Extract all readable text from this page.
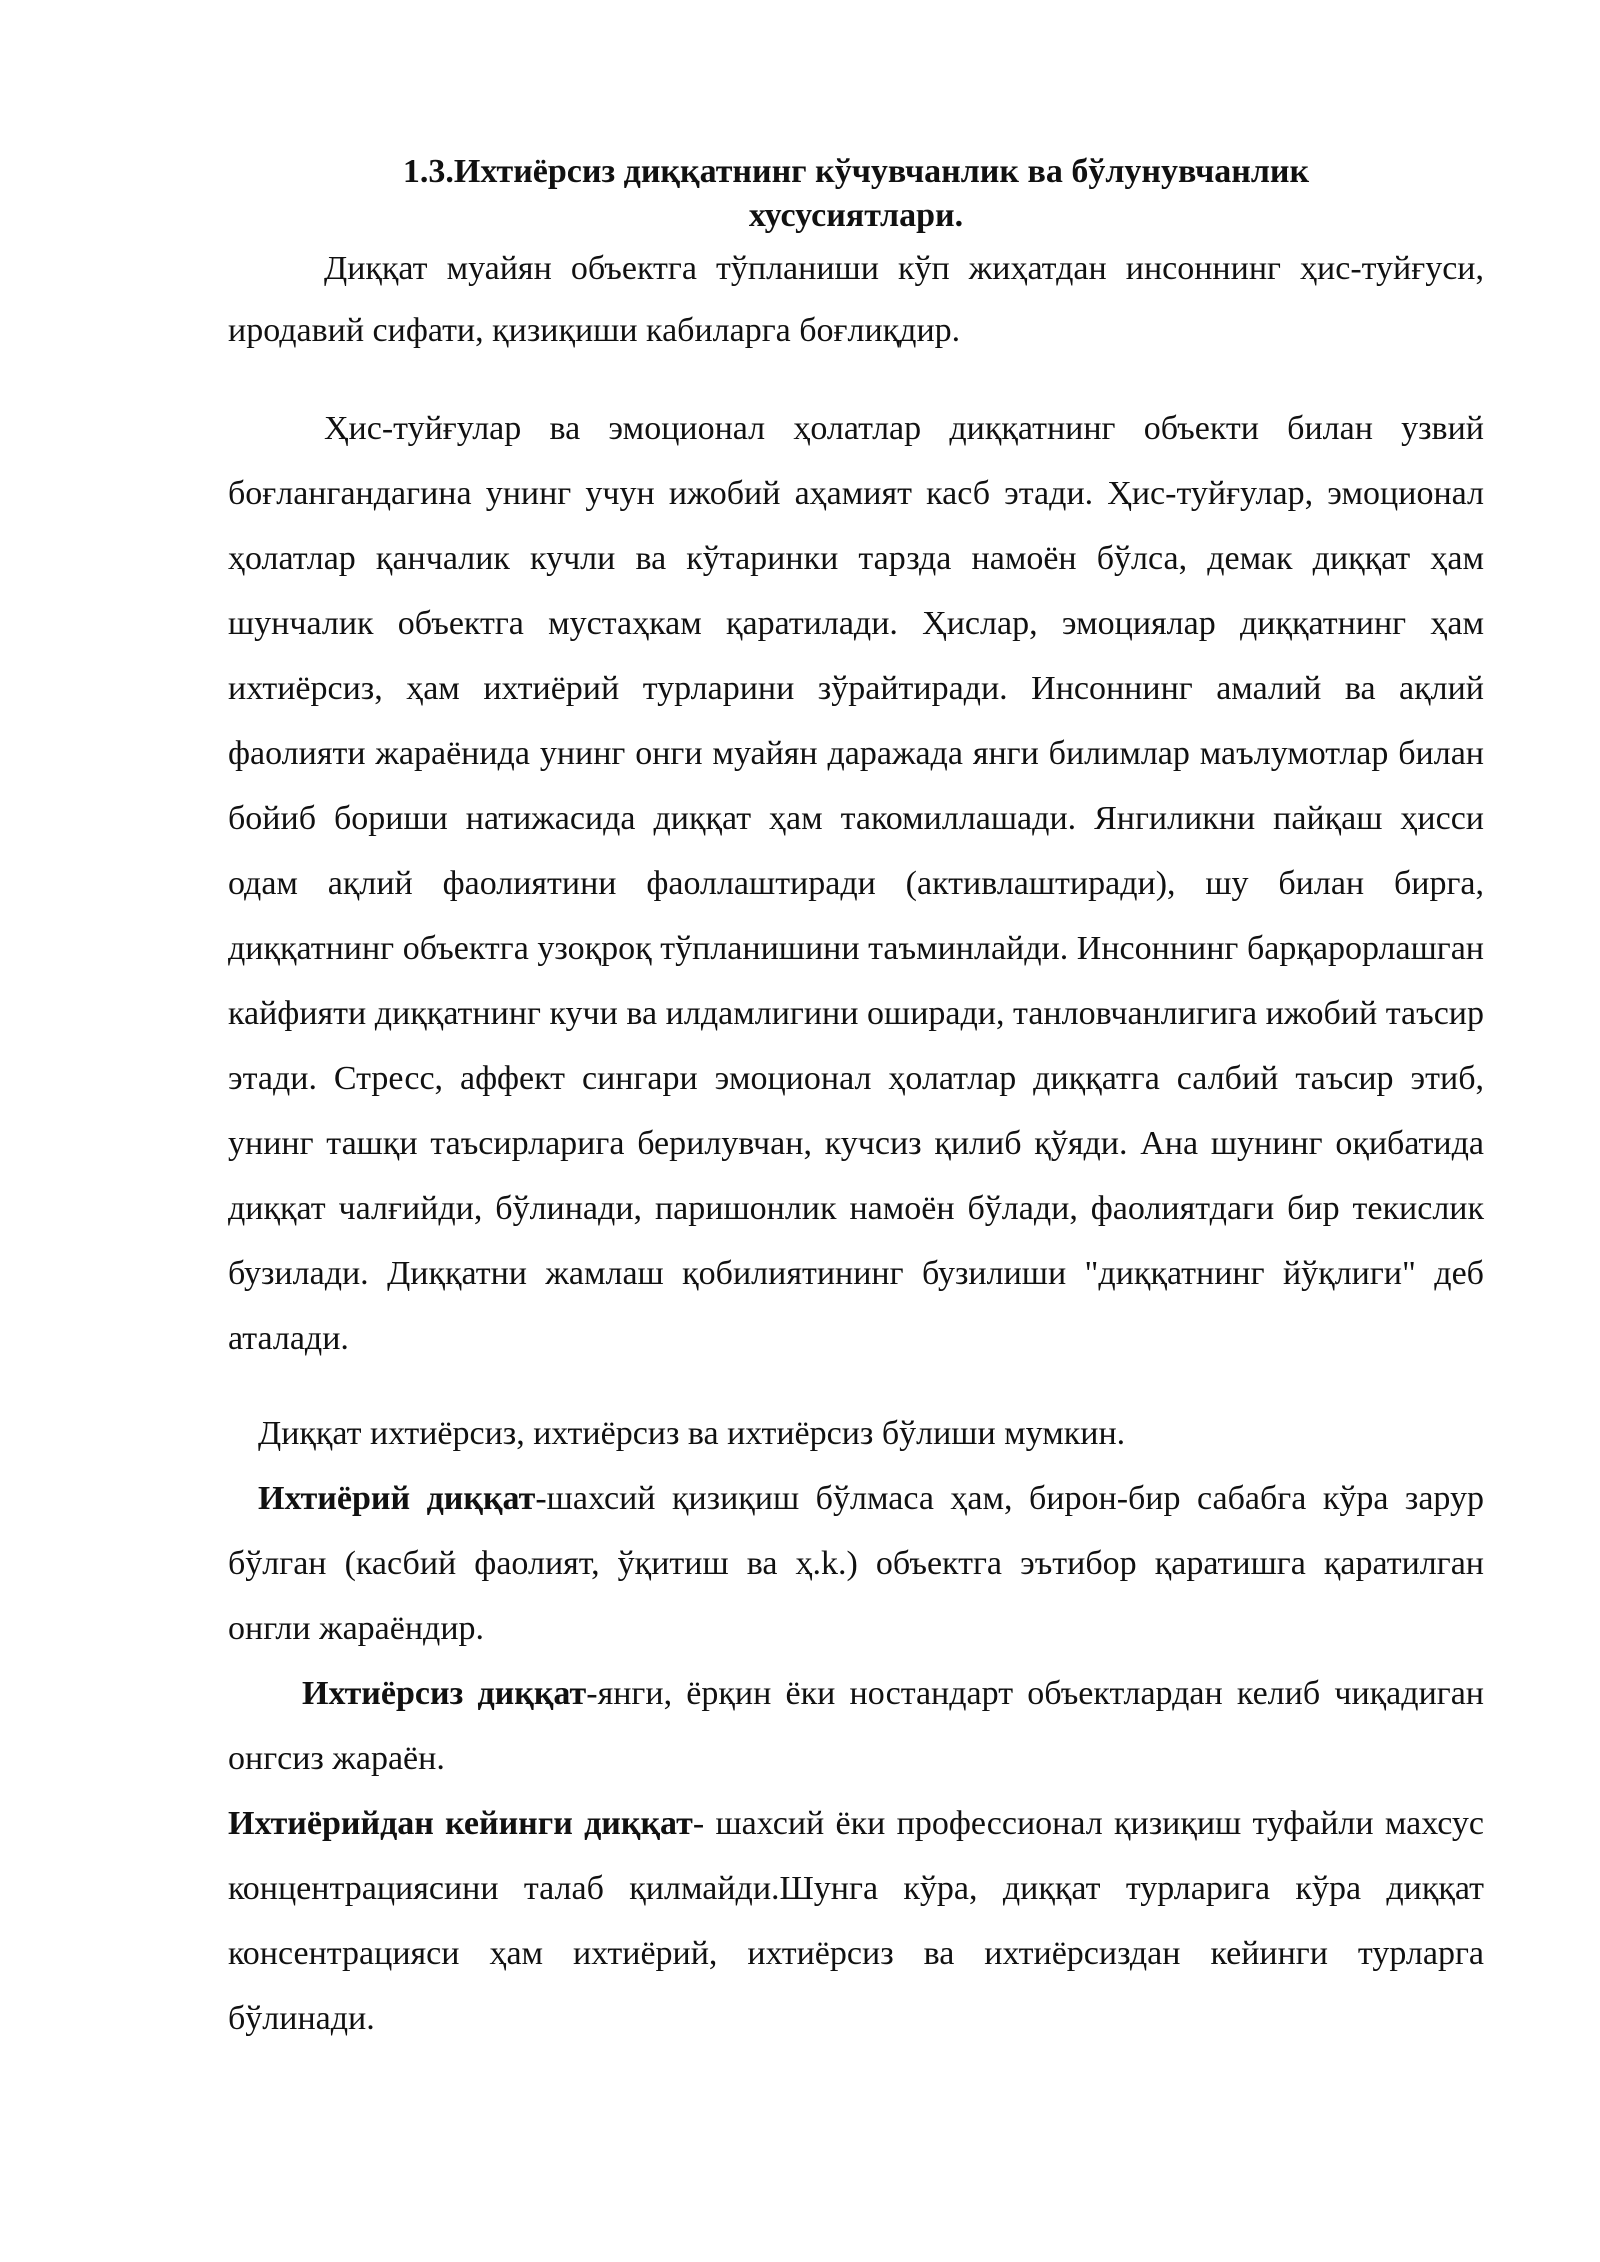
1.3.Ихтиёрсиз диққатнинг кўчувчанлик ва бўлунувчанлик
хусусиятлари.

Диққат муайян объектга тўпланиши кўп жиҳатдан инсоннинг ҳис-туйғуси, иродавий сифати, қизиқиши кабиларга боғлиқдир.

Ҳис-туйғулар ва эмоционал ҳолатлар диққатнинг объекти билан узвий боғлангандагина унинг учун ижобий аҳамият касб этади. Ҳис-туйғулар, эмоционал ҳолатлар қанчалик кучли ва кўтаринки тарзда намоён бўлса, демак диққат ҳам шунчалик объектга мустаҳкам қаратилади. Ҳислар, эмоциялар диққатнинг ҳам ихтиёрсиз, ҳам ихтиёрий турларини зўрайтиради. Инсоннинг амалий ва ақлий фаолияти жараёнида унинг онги муайян даражада янги билимлар маълумотлар билан бойиб бориши натижасида диққат ҳам такомиллашади. Янгиликни пайқаш ҳисси одам ақлий фаолиятини фаоллаштиради (активлаштиради), шу билан бирга, диққатнинг объектга узоқроқ тўпланишини таъминлайди. Инсоннинг барқарорлашган кайфияти диққатнинг кучи ва илдамлигини оширади, танловчанлигига ижобий таъсир этади. Стресс, аффект сингари эмоционал ҳолатлар диққатга салбий таъсир этиб, унинг ташқи таъсирларига берилувчан, кучсиз қилиб қўяди. Ана шунинг оқибатида диққат чалғийди, бўлинади, паришонлик намоён бўлади, фаолиятдаги бир текислик бузилади. Диққатни жамлаш қобилиятининг бузилиши "диққатнинг йўқлиги" деб аталади.

Диққат ихтиёрсиз, ихтиёрсиз ва ихтиёрсиз бўлиши мумкин.

Ихтиёрий диққат-шахсий қизиқиш бўлмаса ҳам, бирон-бир сабабга кўра зарур бўлган (касбий фаолият, ўқитиш ва ҳ.k.) объектга эътибор қаратишга қаратилган онгли жараёндир.

Ихтиёрсиз диққат-янги, ёрқин ёки ностандарт объектлардан келиб чиқадиган онгсиз жараён.

Ихтиёрийдан кейинги диққат- шахсий ёки профессионал қизиқиш туфайли махсус концентрациясини талаб қилмайди.Шунга кўра, диққат турларига кўра диққат консентрацияси ҳам ихтиёрий, ихтиёрсиз ва ихтиёрсиздан кейинги турларга бўлинади.
